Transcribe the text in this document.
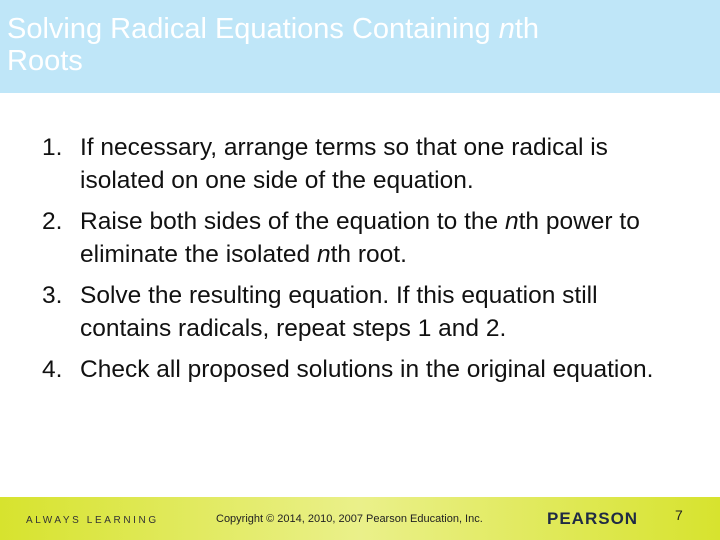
Solving Radical Equations Containing nth
Roots
1. If necessary, arrange terms so that one radical is isolated on one side of the equation.
2. Raise both sides of the equation to the nth power to eliminate the isolated nth root.
3. Solve the resulting equation. If this equation still contains radicals, repeat steps 1 and 2.
4. Check all proposed solutions in the original equation.
ALWAYS LEARNING	Copyright © 2014, 2010, 2007 Pearson Education, Inc.	PEARSON	7
